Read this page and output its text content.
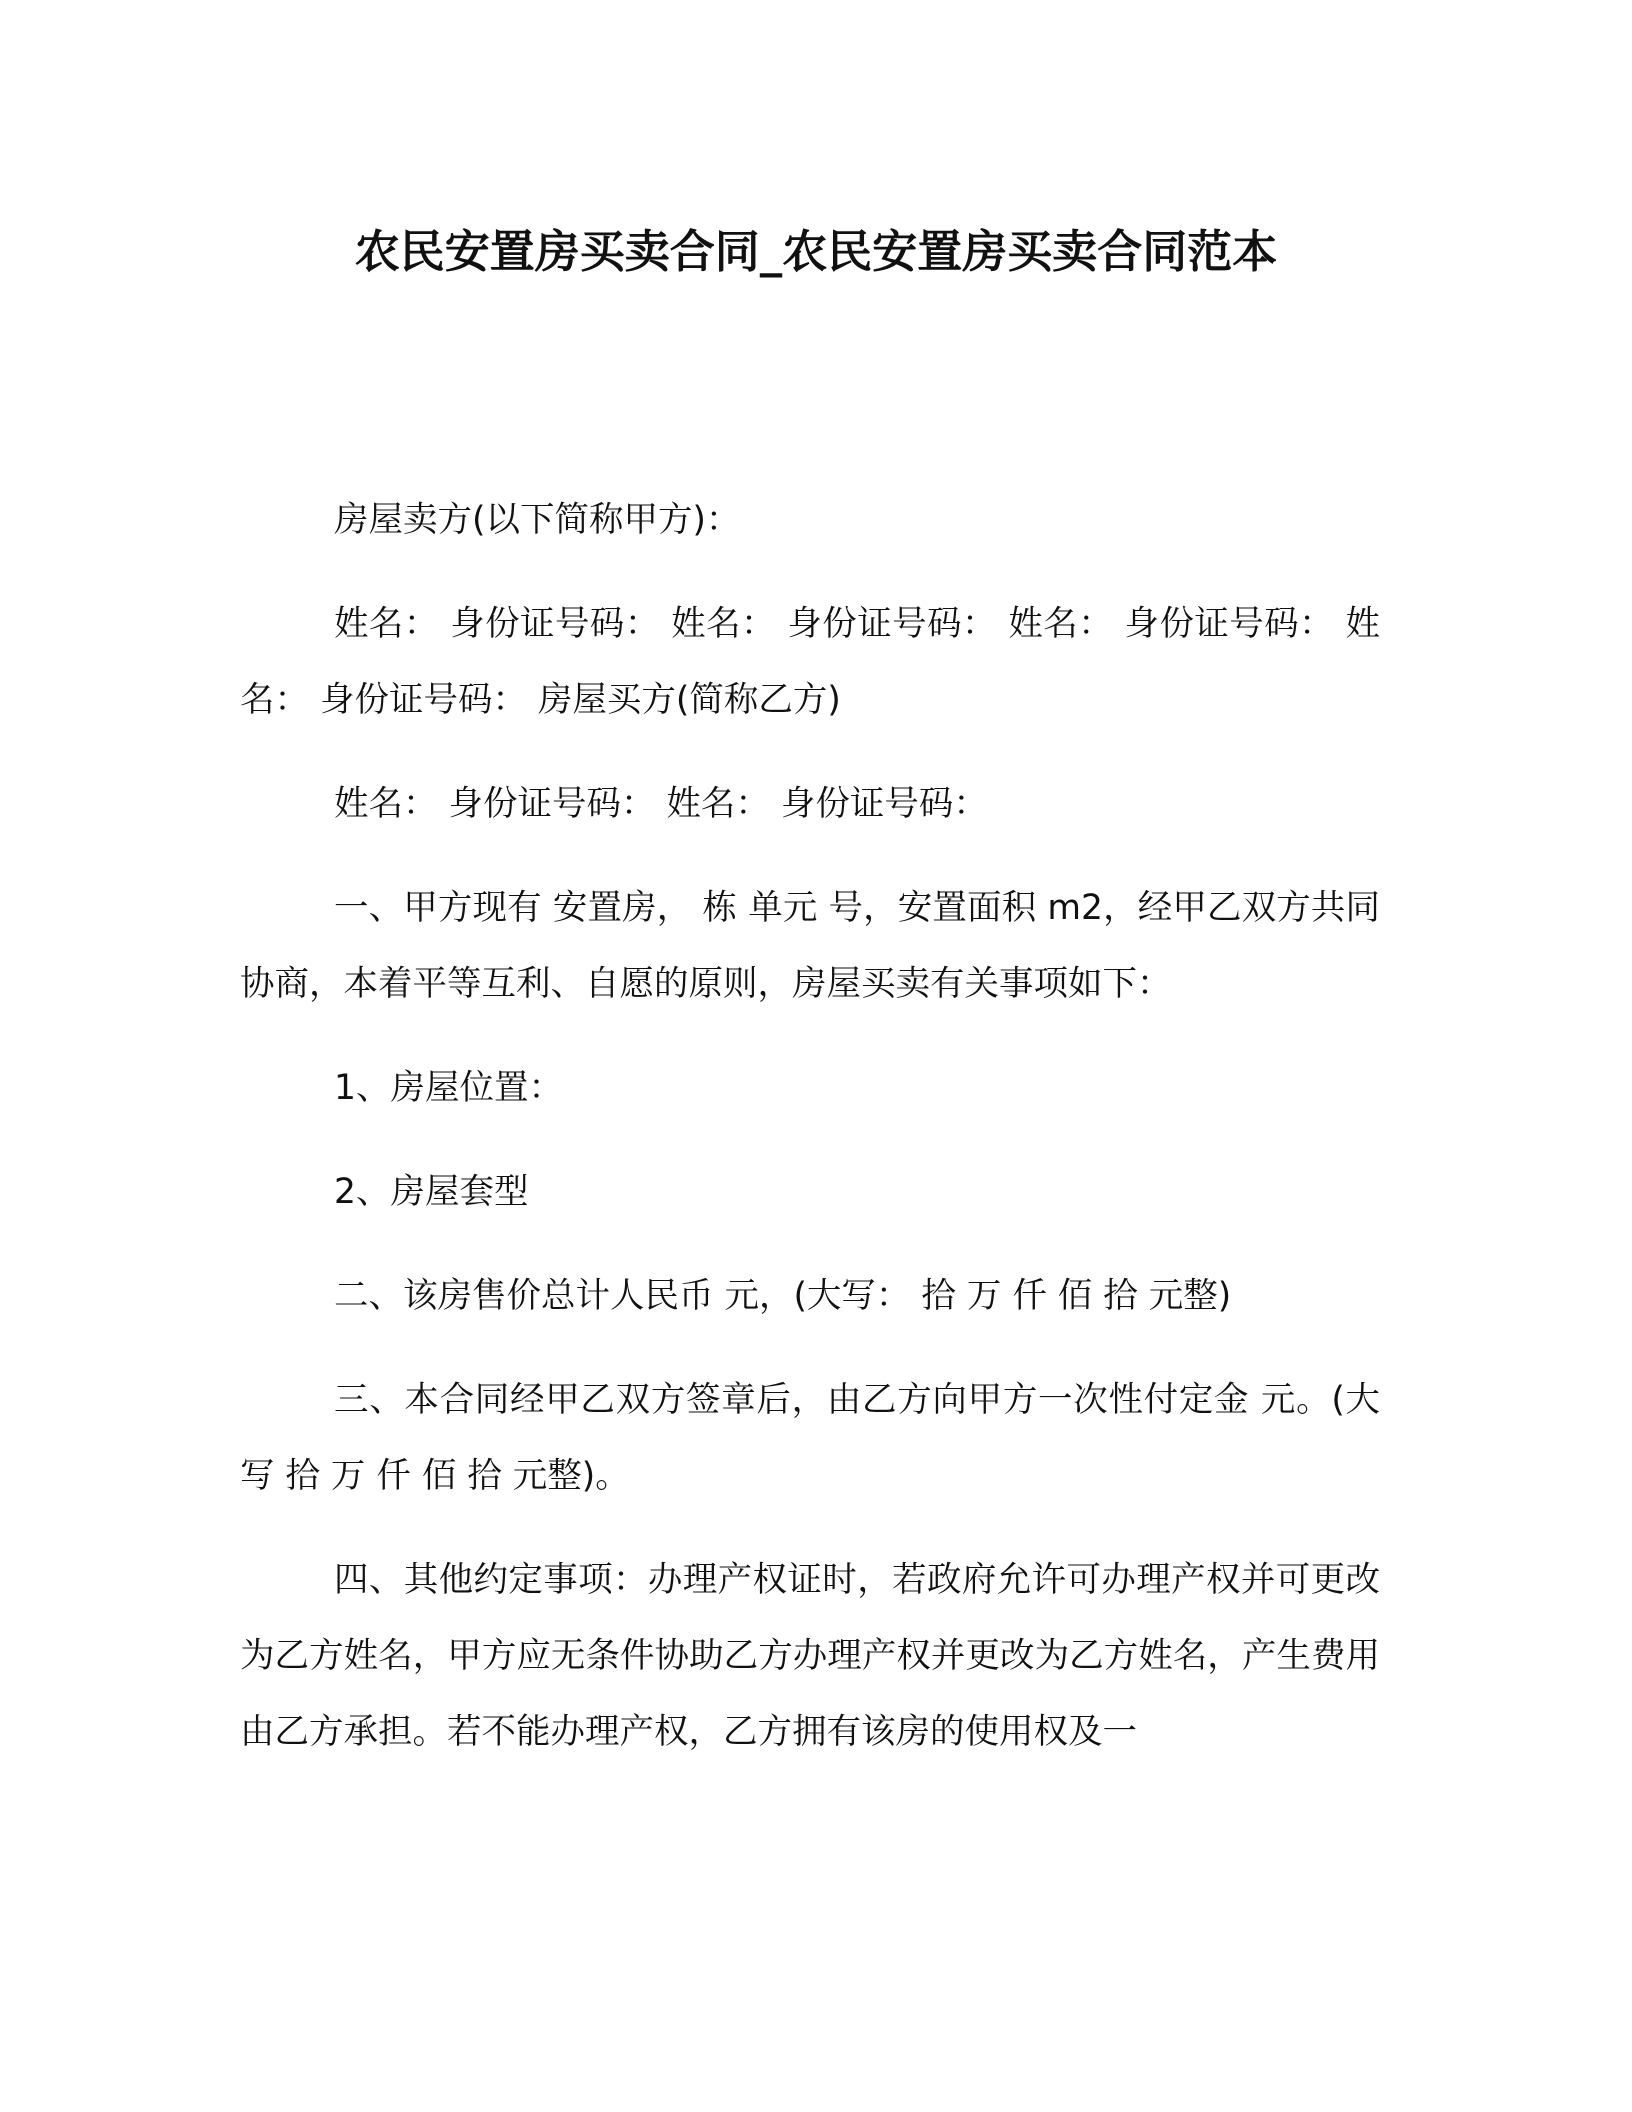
农民安置房买卖合同_农民安置房买卖合同范本

房屋卖方(以下简称甲方)：

姓名： 身份证号码： 姓名： 身份证号码： 姓名： 身份证号码： 姓名： 身份证号码： 房屋买方(简称乙方)

姓名： 身份证号码： 姓名： 身份证号码：

一、甲方现有 安置房， 栋 单元 号，安置面积 m2，经甲乙双方共同协商，本着平等互利、自愿的原则，房屋买卖有关事项如下：

1、房屋位置：

2、房屋套型

二、该房售价总计人民币 元，(大写： 拾 万 仟 佰 拾 元整)

三、本合同经甲乙双方签章后，由乙方向甲方一次性付定金 元。(大写 拾 万 仟 佰 拾 元整)。

四、其他约定事项：办理产权证时，若政府允许可办理产权并可更改为乙方姓名，甲方应无条件协助乙方办理产权并更改为乙方姓名，产生费用由乙方承担。若不能办理产权，乙方拥有该房的使用权及一
